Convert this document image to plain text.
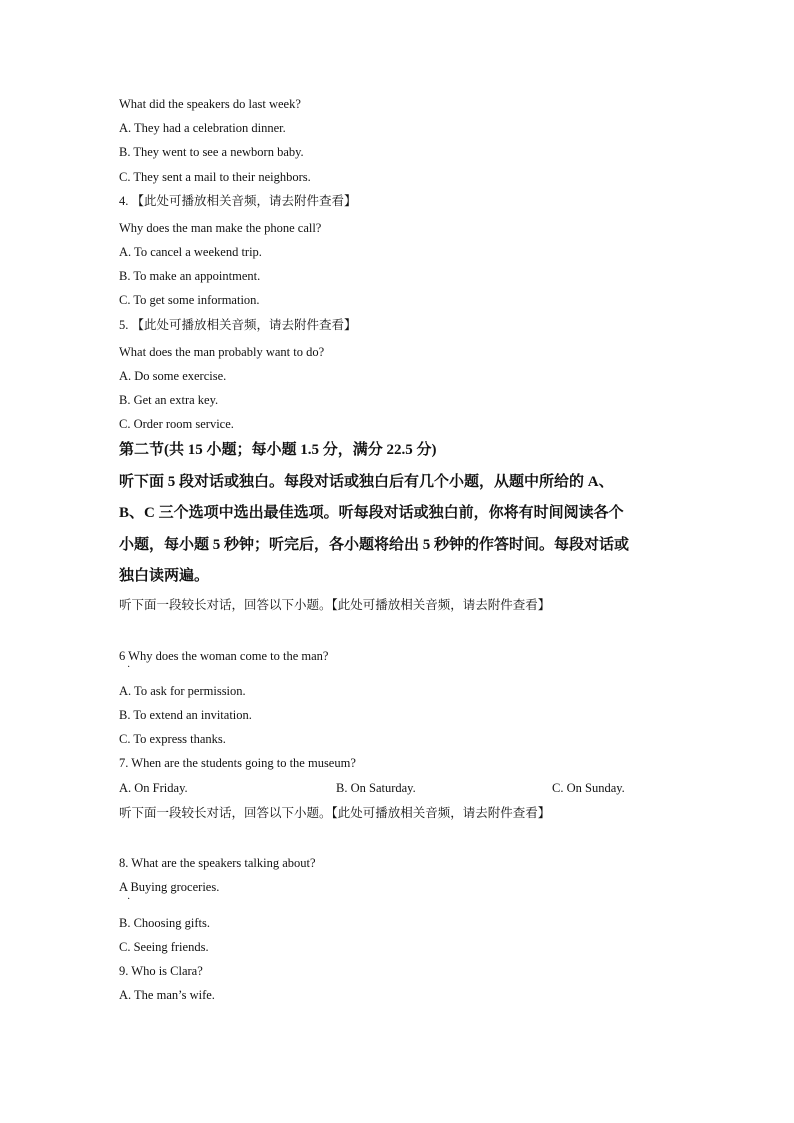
What did the speakers do last week?
A. They had a celebration dinner.
B. They went to see a newborn baby.
C. They sent a mail to their neighbors.
4. 【此处可播放相关音频，请去附件查看】
Why does the man make the phone call?
A. To cancel a weekend trip.
B. To make an appointment.
C. To get some information.
5. 【此处可播放相关音频，请去附件查看】
What does the man probably want to do?
A. Do some exercise.
B. Get an extra key.
C. Order room service.
第二节(共 15 小题；每小题 1.5 分，满分 22.5 分)
听下面 5 段对话或独白。每段对话或独白后有几个小题，从题中所给的 A、
B、C 三个选项中选出最佳选项。听每段对话或独白前，你将有时间阅读各个
小题，每小题 5 秒钟；听完后，各小题将给出 5 秒钟的作答时间。每段对话或
独白读两遍。
听下面一段较长对话，回答以下小题。【此处可播放相关音频，请去附件查看】
6 Why does the woman come to the man?
·
A. To ask for permission.
B. To extend an invitation.
C. To express thanks.
7. When are the students going to the museum?
A. On Friday.	B. On Saturday.	C. On Sunday.
听下面一段较长对话，回答以下小题。【此处可播放相关音频，请去附件查看】
8. What are the speakers talking about?
A Buying groceries.
·
B. Choosing gifts.
C. Seeing friends.
9. Who is Clara?
A. The man’s wife.
